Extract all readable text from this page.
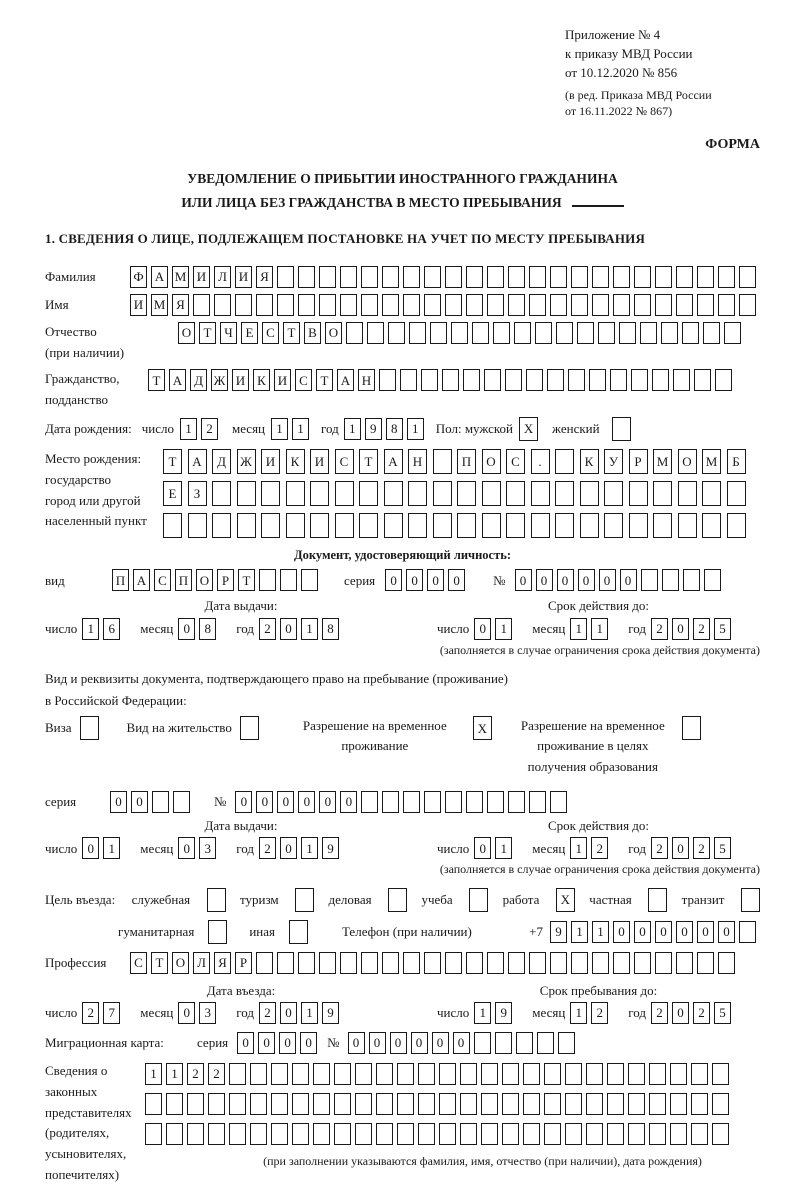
Приложение № 4
к приказу МВД России
от 10.12.2020 № 856
(в ред. Приказа МВД России
от 16.11.2022 № 867)
ФОРМА
УВЕДОМЛЕНИЕ О ПРИБЫТИИ ИНОСТРАННОГО ГРАЖДАНИНА
ИЛИ ЛИЦА БЕЗ ГРАЖДАНСТВА В МЕСТО ПРЕБЫВАНИЯ
1. СВЕДЕНИЯ О ЛИЦЕ, ПОДЛЕЖАЩЕМ ПОСТАНОВКЕ НА УЧЕТ ПО МЕСТУ ПРЕБЫВАНИЯ
Фамилия	Ф А М И Л И Я
Имя	И М Я
Отчество
(при наличии)
О Т Ч Е С Т В О
Гражданство,
подданство
Т А Д Ж И К И С Т А Н
Дата рождения: число 1	2	месяц 1	1	год 1	9	8	1	Пол: мужской X	женский
Место рождения:
государство
город или другой
населенный пункт
Т	А	Д	Ж	И	К	И	С	Т	А	Н	П	О	С	.	К	У	Р	М	О	М	Б

Е	З

Документ, удостоверяющий личность:
вид	П А С П О Р	Т	серия	0	0	0	0	№	0	0	0	0	0	0
Дата выдачи:
число 1	6	месяц 0	8	год 2	0	1	8
Срок действия до:
число 0	1	месяц 1	1	год 2	0	2	5
(заполняется в случае ограничения срока действия документа)
Вид и реквизиты документа, подтверждающего право на пребывание (проживание)
в Российской Федерации:
Виза	Вид на жительство	Разрешение на временное
проживание
X	Разрешение на временное
проживание в целях
получения образования
серия	0	0	№	0	0	0	0	0	0
Дата выдачи:
число 0	1	месяц 0	3	год 2	0	1	9
Срок действия до:
число 0	1	месяц 1	2	год 2	0	2	5
(заполняется в случае ограничения срока действия документа)
Цель въезда: служебная	туризм	деловая	учеба	работа	X	частная	транзит
гуманитарная	иная	Телефон (при наличии)	+7 9	1	1	0	0	0	0	0	0
Профессия	С Т О Л Я	Р
Дата въезда:
число 2	7	месяц 0	3	год 2	0	1	9
Срок пребывания до:
число 1	9	месяц 1	2	год 2	0	2	5
Миграционная карта:	серия	0	0	0	0	№	0	0	0	0	0	0
Сведения о
законных
представителях
(родителях,
усыновителях,
попечителях)
1	1	2	2
(при заполнении указываются фамилия, имя, отчество (при наличии), дата рождения)
